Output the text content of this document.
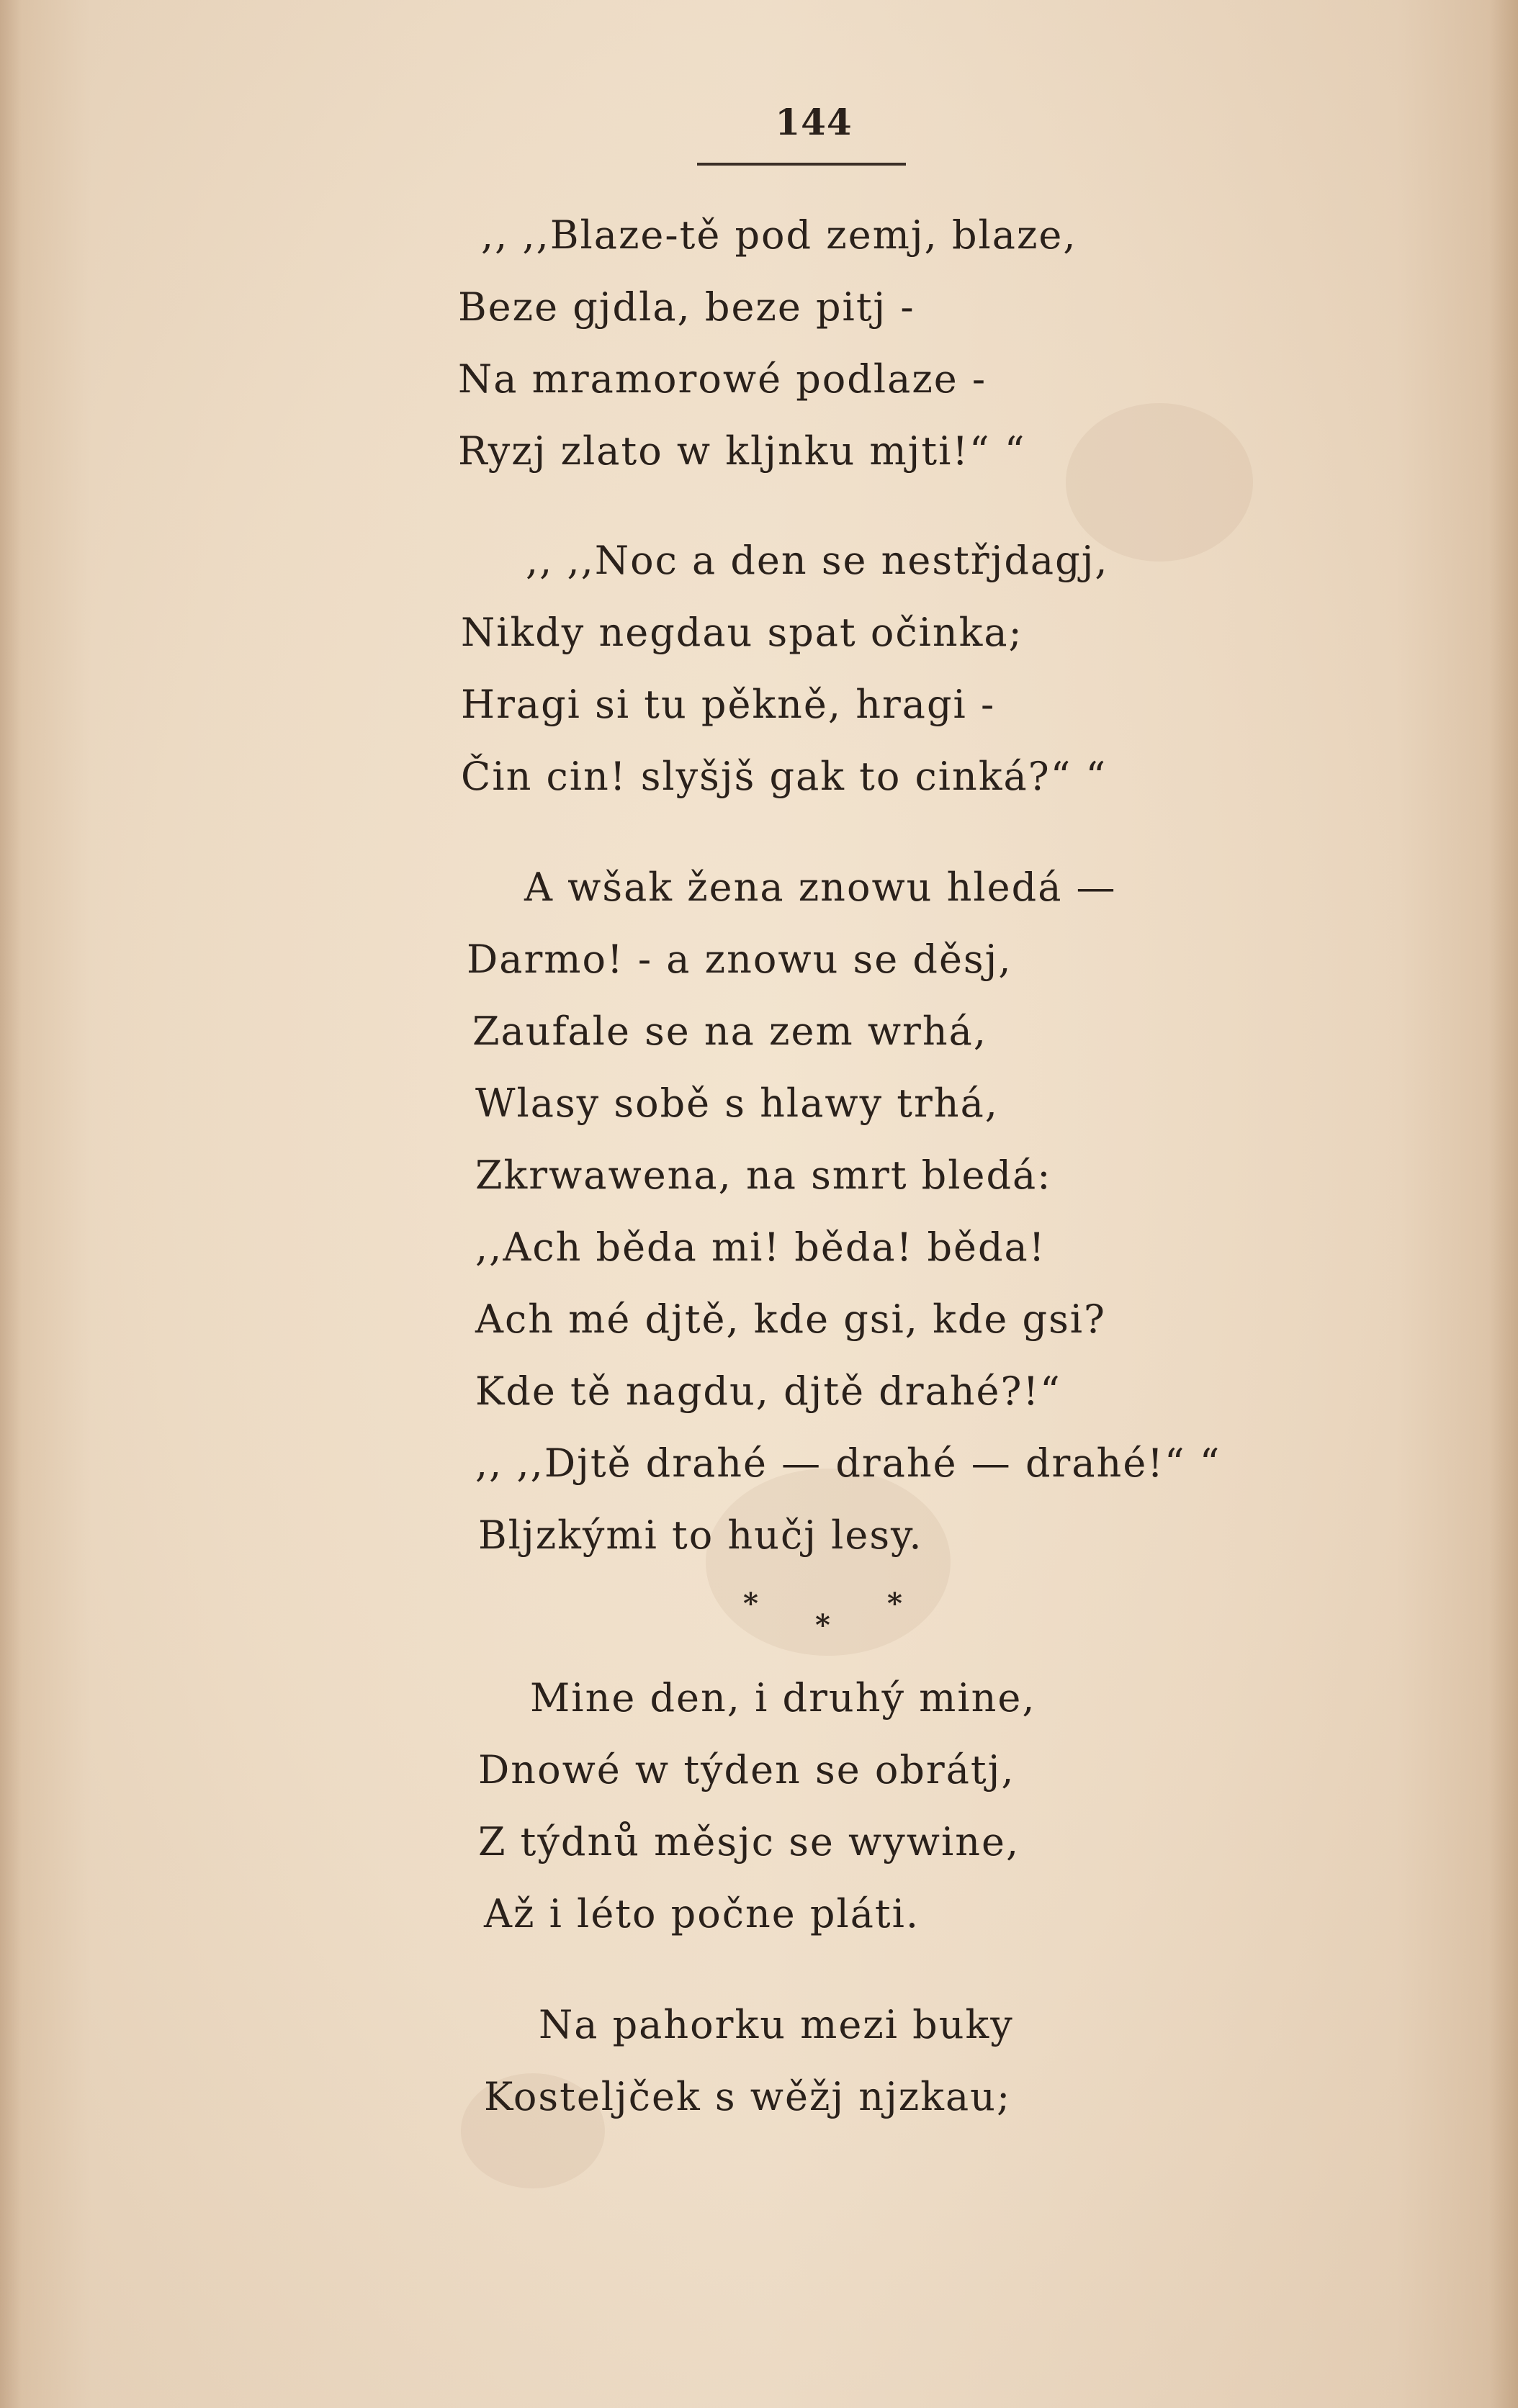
144
,, ,,Blaze-tě pod zemj, blaze,
Beze gjdla, beze pitj -
Na mramorowé podlaze -
Ryzj zlato w kljnku mjti!“ “
,, ,,Noc a den se nestřjdagj,
Nikdy negdau spat očinka;
Hragi si tu pěkně, hragi -
Čin cin! slyšjš gak to cinká?“ “
A wšak žena znowu hledá —
Darmo! - a znowu se děsj,
Zaufale se na zem wrhá,
Wlasy sobě s hlawy trhá,
Zkrwawena, na smrt bledá:
,,Ach běda mi! běda! běda!
Ach mé djtě, kde gsi, kde gsi?
Kde tě nagdu, djtě drahé?!“
,, ,,Djtě drahé — drahé — drahé!“ “
Bljzkými to hučj lesy.
*
*
*
Mine den, i druhý mine,
Dnowé w týden se obrátj,
Z týdnů měsjc se wywine,
Až i léto počne pláti.
Na pahorku mezi buky
Kosteljček s wěžj njzkau;
